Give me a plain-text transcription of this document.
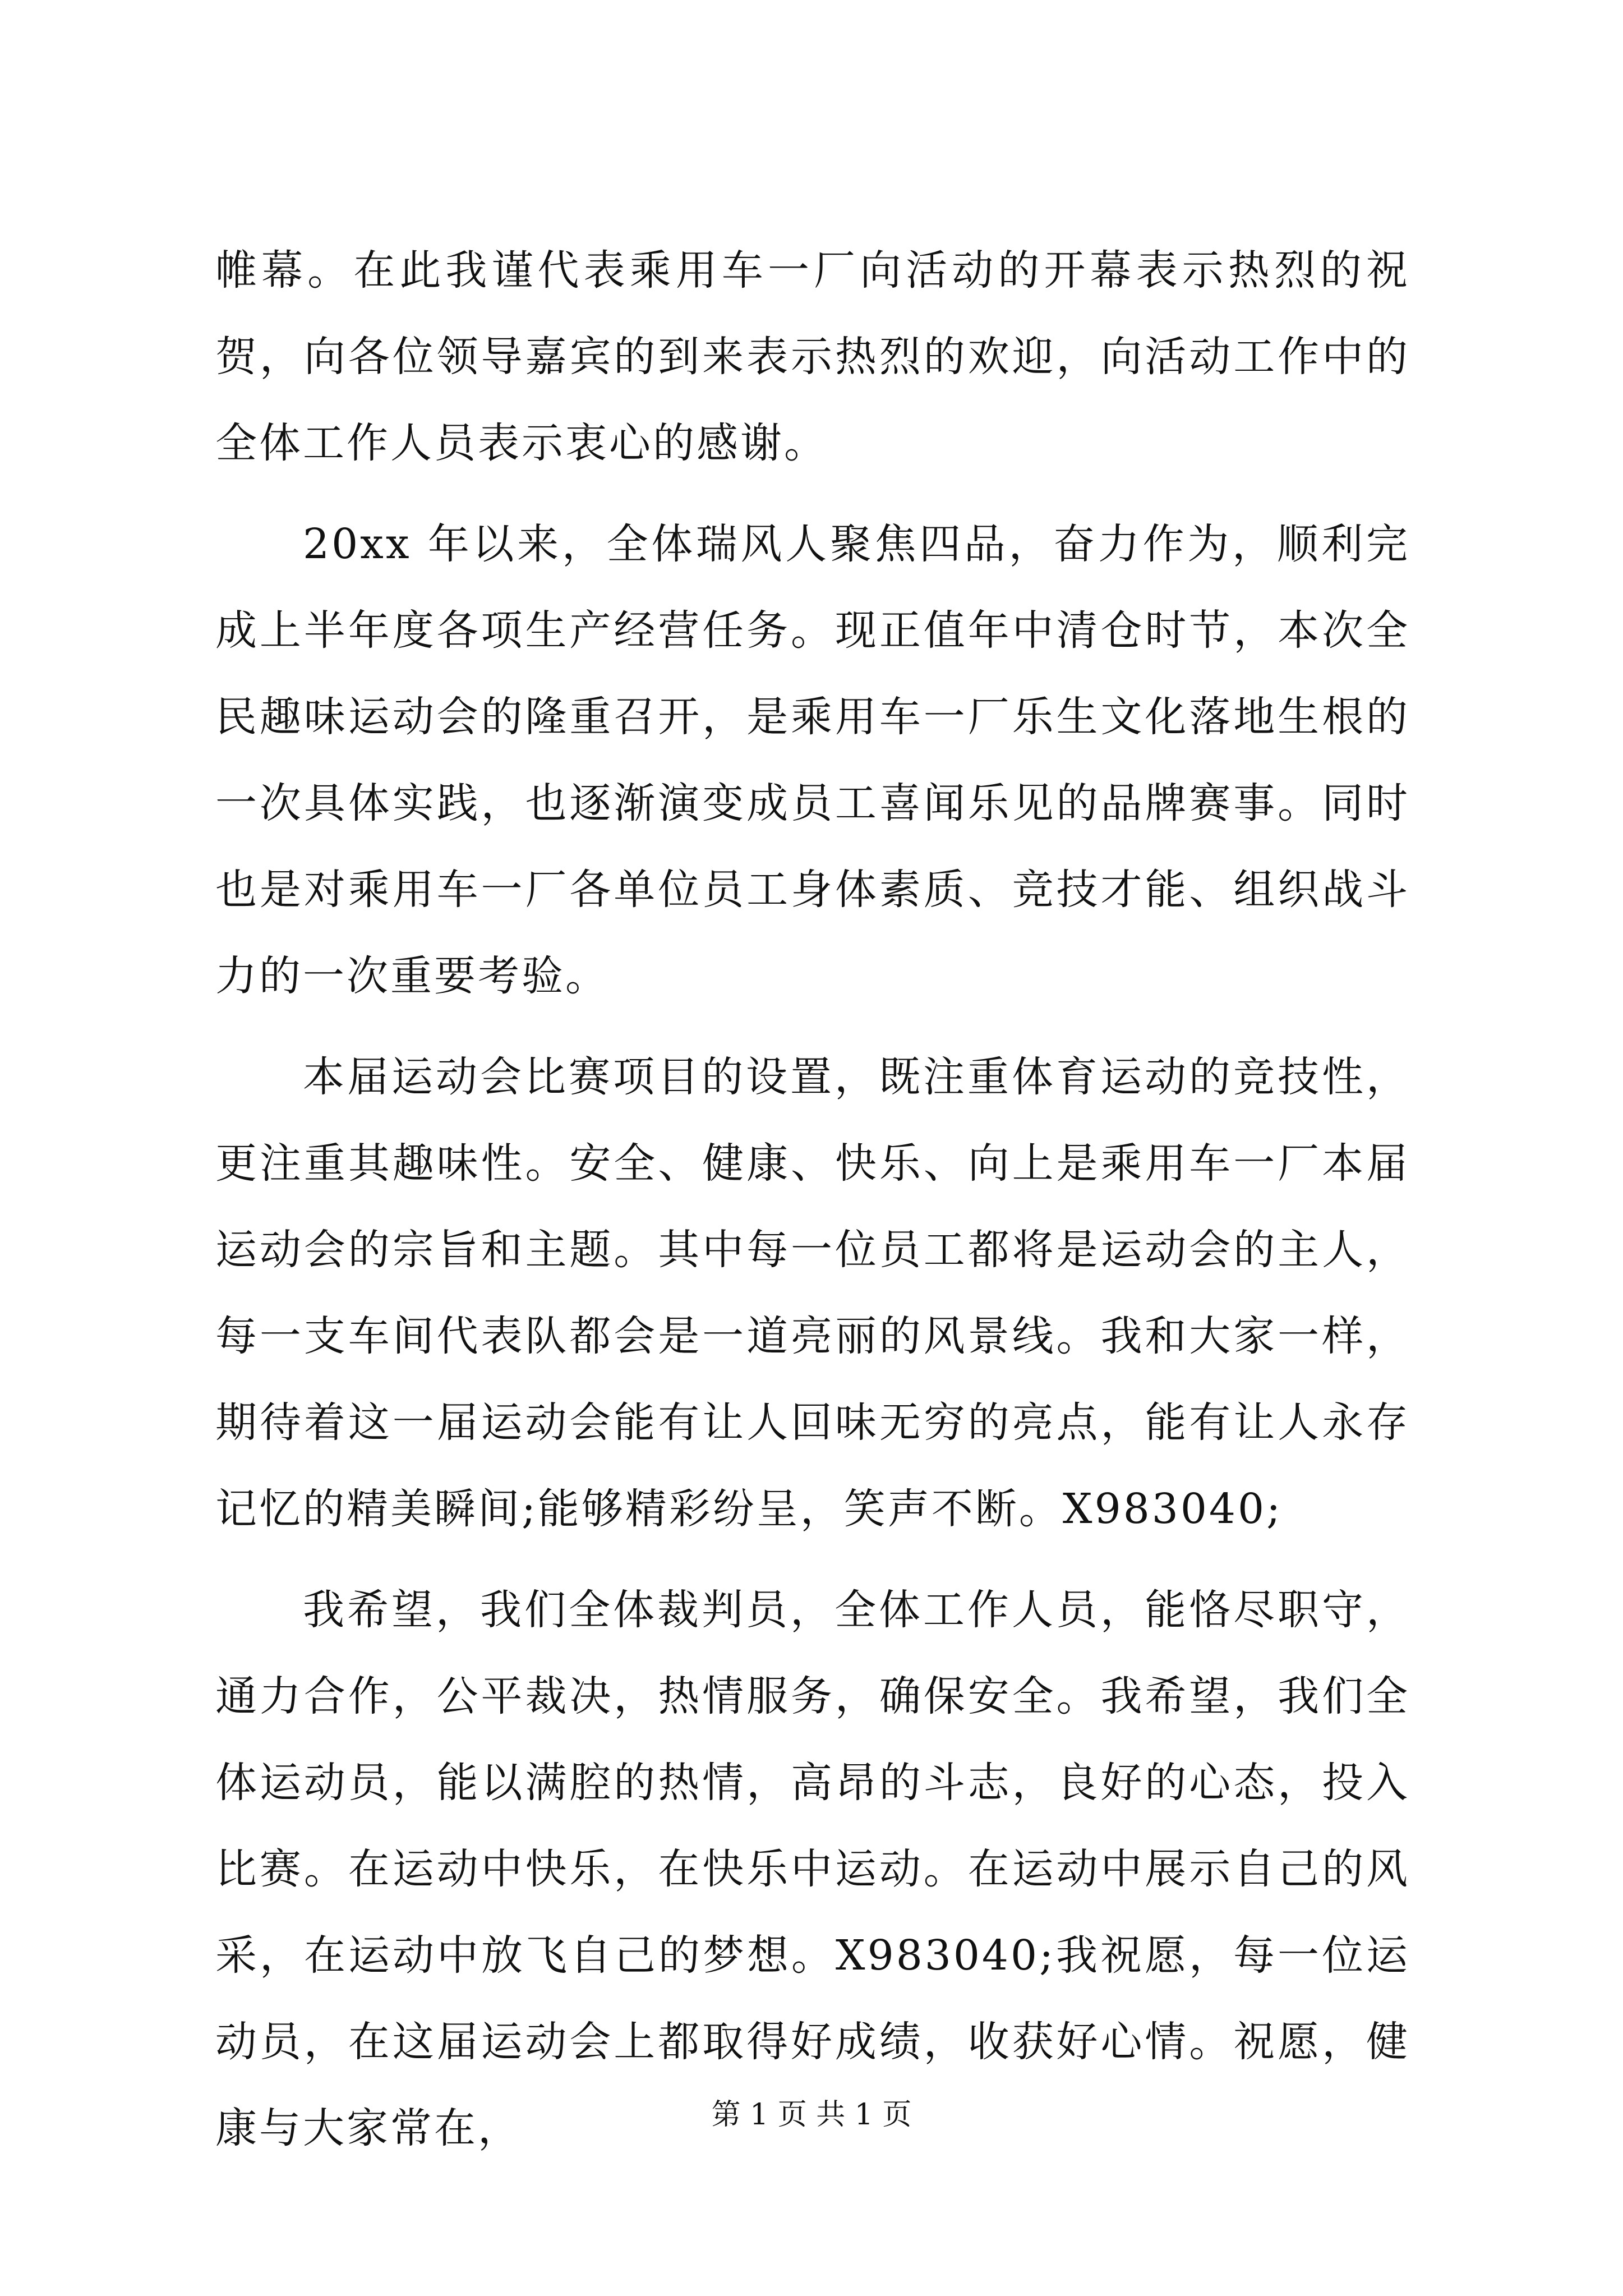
帷幕。在此我谨代表乘用车一厂向活动的开幕表示热烈的祝贺，向各位领导嘉宾的到来表示热烈的欢迎，向活动工作中的全体工作人员表示衷心的感谢。

20xx 年以来，全体瑞风人聚焦四品，奋力作为，顺利完成上半年度各项生产经营任务。现正值年中清仓时节，本次全民趣味运动会的隆重召开，是乘用车一厂乐生文化落地生根的一次具体实践，也逐渐演变成员工喜闻乐见的品牌赛事。同时也是对乘用车一厂各单位员工身体素质、竞技才能、组织战斗力的一次重要考验。

本届运动会比赛项目的设置，既注重体育运动的竞技性，更注重其趣味性。安全、健康、快乐、向上是乘用车一厂本届运动会的宗旨和主题。其中每一位员工都将是运动会的主人，每一支车间代表队都会是一道亮丽的风景线。我和大家一样，期待着这一届运动会能有让人回味无穷的亮点，能有让人永存记忆的精美瞬间;能够精彩纷呈，笑声不断。X983040;

我希望，我们全体裁判员，全体工作人员，能恪尽职守，通力合作，公平裁决，热情服务，确保安全。我希望，我们全体运动员，能以满腔的热情，高昂的斗志，良好的心态，投入比赛。在运动中快乐，在快乐中运动。在运动中展示自己的风采，在运动中放飞自己的梦想。X983040;我祝愿，每一位运动员，在这届运动会上都取得好成绩，收获好心情。祝愿，健康与大家常在，	第 1 页 共 1 页
